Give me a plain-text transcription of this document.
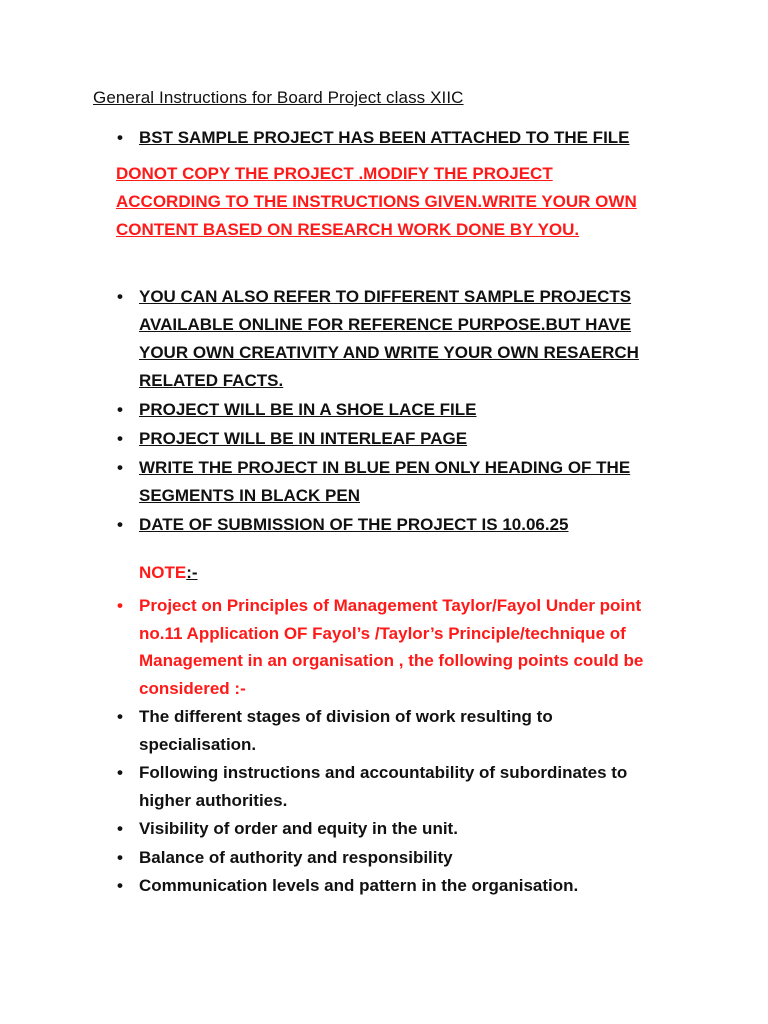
General Instructions for Board Project class XIIC
• BST SAMPLE PROJECT HAS BEEN ATTACHED TO THE FILE
DONOT COPY THE PROJECT .MODIFY THE PROJECT ACCORDING TO THE INSTRUCTIONS GIVEN.WRITE YOUR OWN CONTENT BASED ON RESEARCH WORK DONE BY YOU.
• YOU CAN ALSO REFER TO DIFFERENT SAMPLE PROJECTS AVAILABLE ONLINE FOR REFERENCE PURPOSE.BUT HAVE YOUR OWN CREATIVITY AND WRITE YOUR OWN RESAERCH RELATED FACTS.
• PROJECT WILL BE IN A SHOE LACE FILE
• PROJECT WILL BE IN INTERLEAF PAGE
• WRITE THE PROJECT IN BLUE PEN ONLY HEADING OF THE SEGMENTS IN BLACK PEN
• DATE OF SUBMISSION OF THE PROJECT IS 10.06.25
NOTE:-
• Project on Principles of Management Taylor/Fayol Under point no.11 Application OF Fayol’s /Taylor’s Principle/technique of Management in an organisation , the following points could be considered :-
• The different stages of division of work resulting to specialisation.
• Following instructions and accountability of subordinates to higher authorities.
• Visibility of order and equity in the unit.
• Balance of authority and responsibility
• Communication levels and pattern in the organisation.
